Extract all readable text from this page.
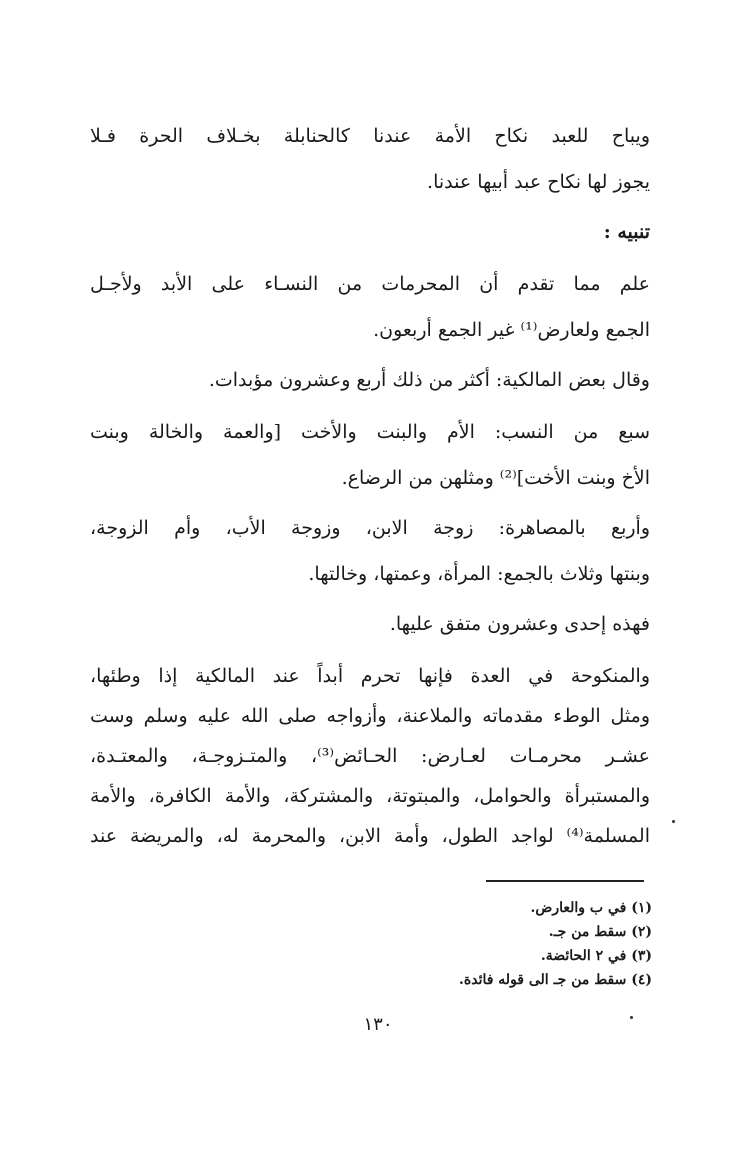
ويباح للعبد نكاح الأمة عندنا كالحنابلة بخـلاف الحرة فـلا
يجوز لها نكاح عبد أبيها عندنا.
تنبيه :
علم مما تقدم أن المحرمات من النسـاء على الأبد ولأجـل
الجمع ولعارض⁽¹⁾ غير الجمع أربعون.
وقال بعض المالكية: أكثر من ذلك أربع وعشرون مؤبدات.
سبع من النسب: الأم والبنت والأخت [والعمة والخالة وبنت
الأخ وبنت الأخت]⁽²⁾ ومثلهن من الرضاع.
وأربع بالمصاهرة: زوجة الابن، وزوجة الأب، وأم الزوجة،
وبنتها وثلاث بالجمع: المرأة، وعمتها، وخالتها.
فهذه إحدى وعشرون متفق عليها.
والمنكوحة في العدة فإنها تحرم أبداً عند المالكية إذا وطئها،
ومثل الوطء مقدماته والملاعنة، وأزواجه صلى الله عليه وسلم وست
عشـر محرمـات لعـارض: الحـائض⁽³⁾، والمتـزوجـة، والمعتـدة،
والمستبرأة والحوامل، والمبتوتة، والمشتركة، والأمة الكافرة، والأمة
المسلمة⁽⁴⁾ لواجد الطول، وأمة الابن، والمحرمة له، والمريضة عند
(١) في ب والعارض.
(٢) سقط من جـ.
(٣) في ٢ الحائضة.
(٤) سقط من جـ الى قوله فائدة.
١٣٠
